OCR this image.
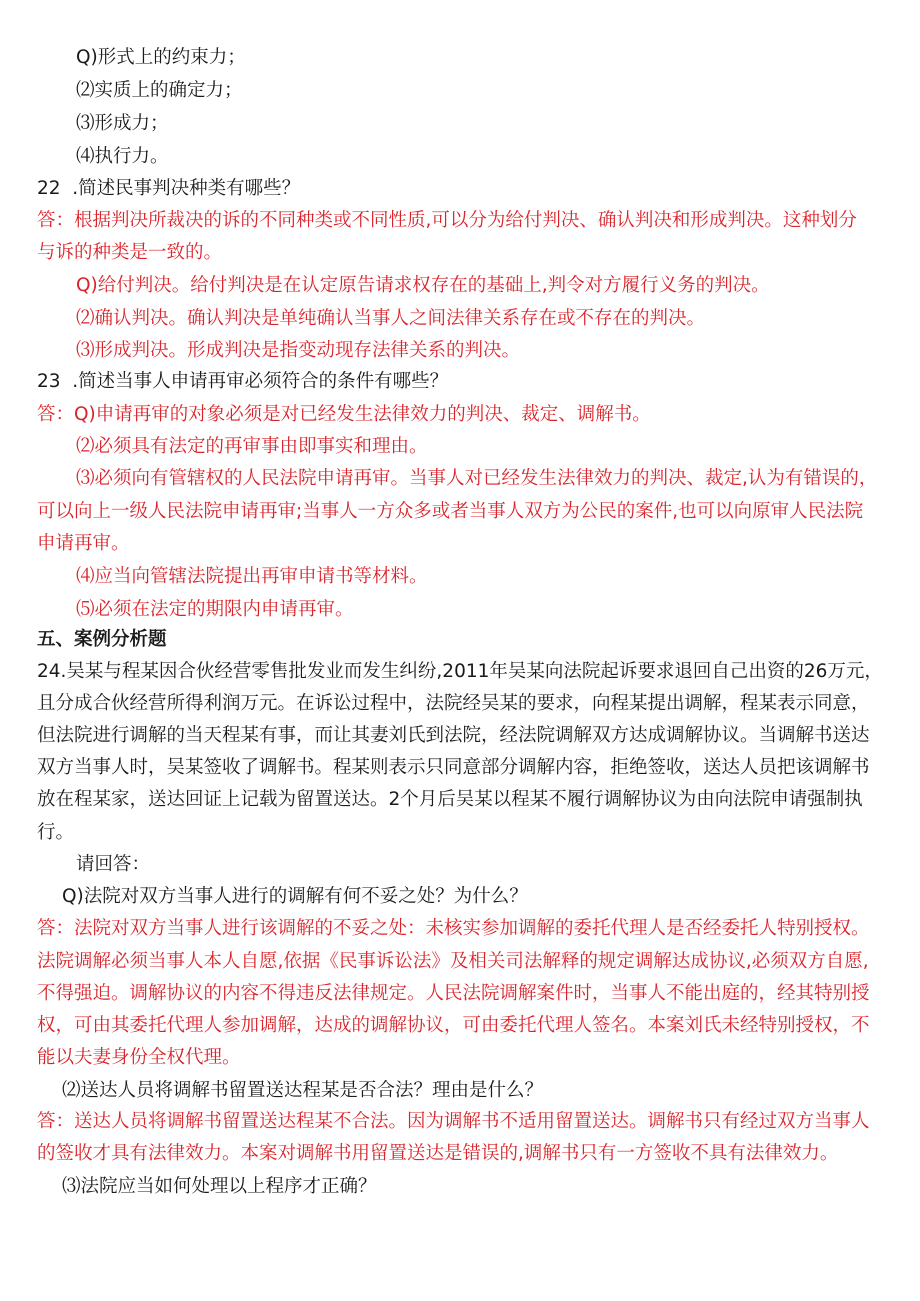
Q)形式上的约束力；
⑵实质上的确定力；
⑶形成力；
⑷执行力。
22  .简述民事判决种类有哪些？
答：根据判决所裁决的诉的不同种类或不同性质,可以分为给付判决、确认判决和形成判决。这种划分
与诉的种类是一致的。
Q)给付判决。给付判决是在认定原告请求权存在的基础上,判令对方履行义务的判决。
⑵确认判决。确认判决是单纯确认当事人之间法律关系存在或不存在的判决。
⑶形成判决。形成判决是指变动现存法律关系的判决。
23  .简述当事人申请再审必须符合的条件有哪些？
答：Q)申请再审的对象必须是对已经发生法律效力的判决、裁定、调解书。
⑵必须具有法定的再审事由即事实和理由。
⑶必须向有管辖权的人民法院申请再审。当事人对已经发生法律效力的判决、裁定,认为有错误的，
可以向上一级人民法院申请再审;当事人一方众多或者当事人双方为公民的案件,也可以向原审人民法院
申请再审。
⑷应当向管辖法院提出再审申请书等材料。
⑸必须在法定的期限内申请再审。
五、案例分析题
24.吴某与程某因合伙经营零售批发业而发生纠纷,2011年吴某向法院起诉要求退回自己出资的26万元，
且分成合伙经营所得利润万元。在诉讼过程中，法院经吴某的要求，向程某提出调解，程某表示同意，
但法院进行调解的当天程某有事，而让其妻刘氏到法院，经法院调解双方达成调解协议。当调解书送达
双方当事人时，吴某签收了调解书。程某则表示只同意部分调解内容，拒绝签收，送达人员把该调解书
放在程某家，送达回证上记载为留置送达。2个月后吴某以程某不履行调解协议为由向法院申请强制执
行。
请回答：
Q)法院对双方当事人进行的调解有何不妥之处？为什么？
答：法院对双方当事人进行该调解的不妥之处：未核实参加调解的委托代理人是否经委托人特别授权。
法院调解必须当事人本人自愿,依据《民事诉讼法》及相关司法解释的规定调解达成协议,必须双方自愿,
不得强迫。调解协议的内容不得违反法律规定。人民法院调解案件时，当事人不能出庭的，经其特别授
权，可由其委托代理人参加调解，达成的调解协议，可由委托代理人签名。本案刘氏未经特别授权，不
能以夫妻身份全权代理。
⑵送达人员将调解书留置送达程某是否合法？理由是什么？
答：送达人员将调解书留置送达程某不合法。因为调解书不适用留置送达。调解书只有经过双方当事人
的签收才具有法律效力。本案对调解书用留置送达是错误的,调解书只有一方签收不具有法律效力。
⑶法院应当如何处理以上程序才正确？
